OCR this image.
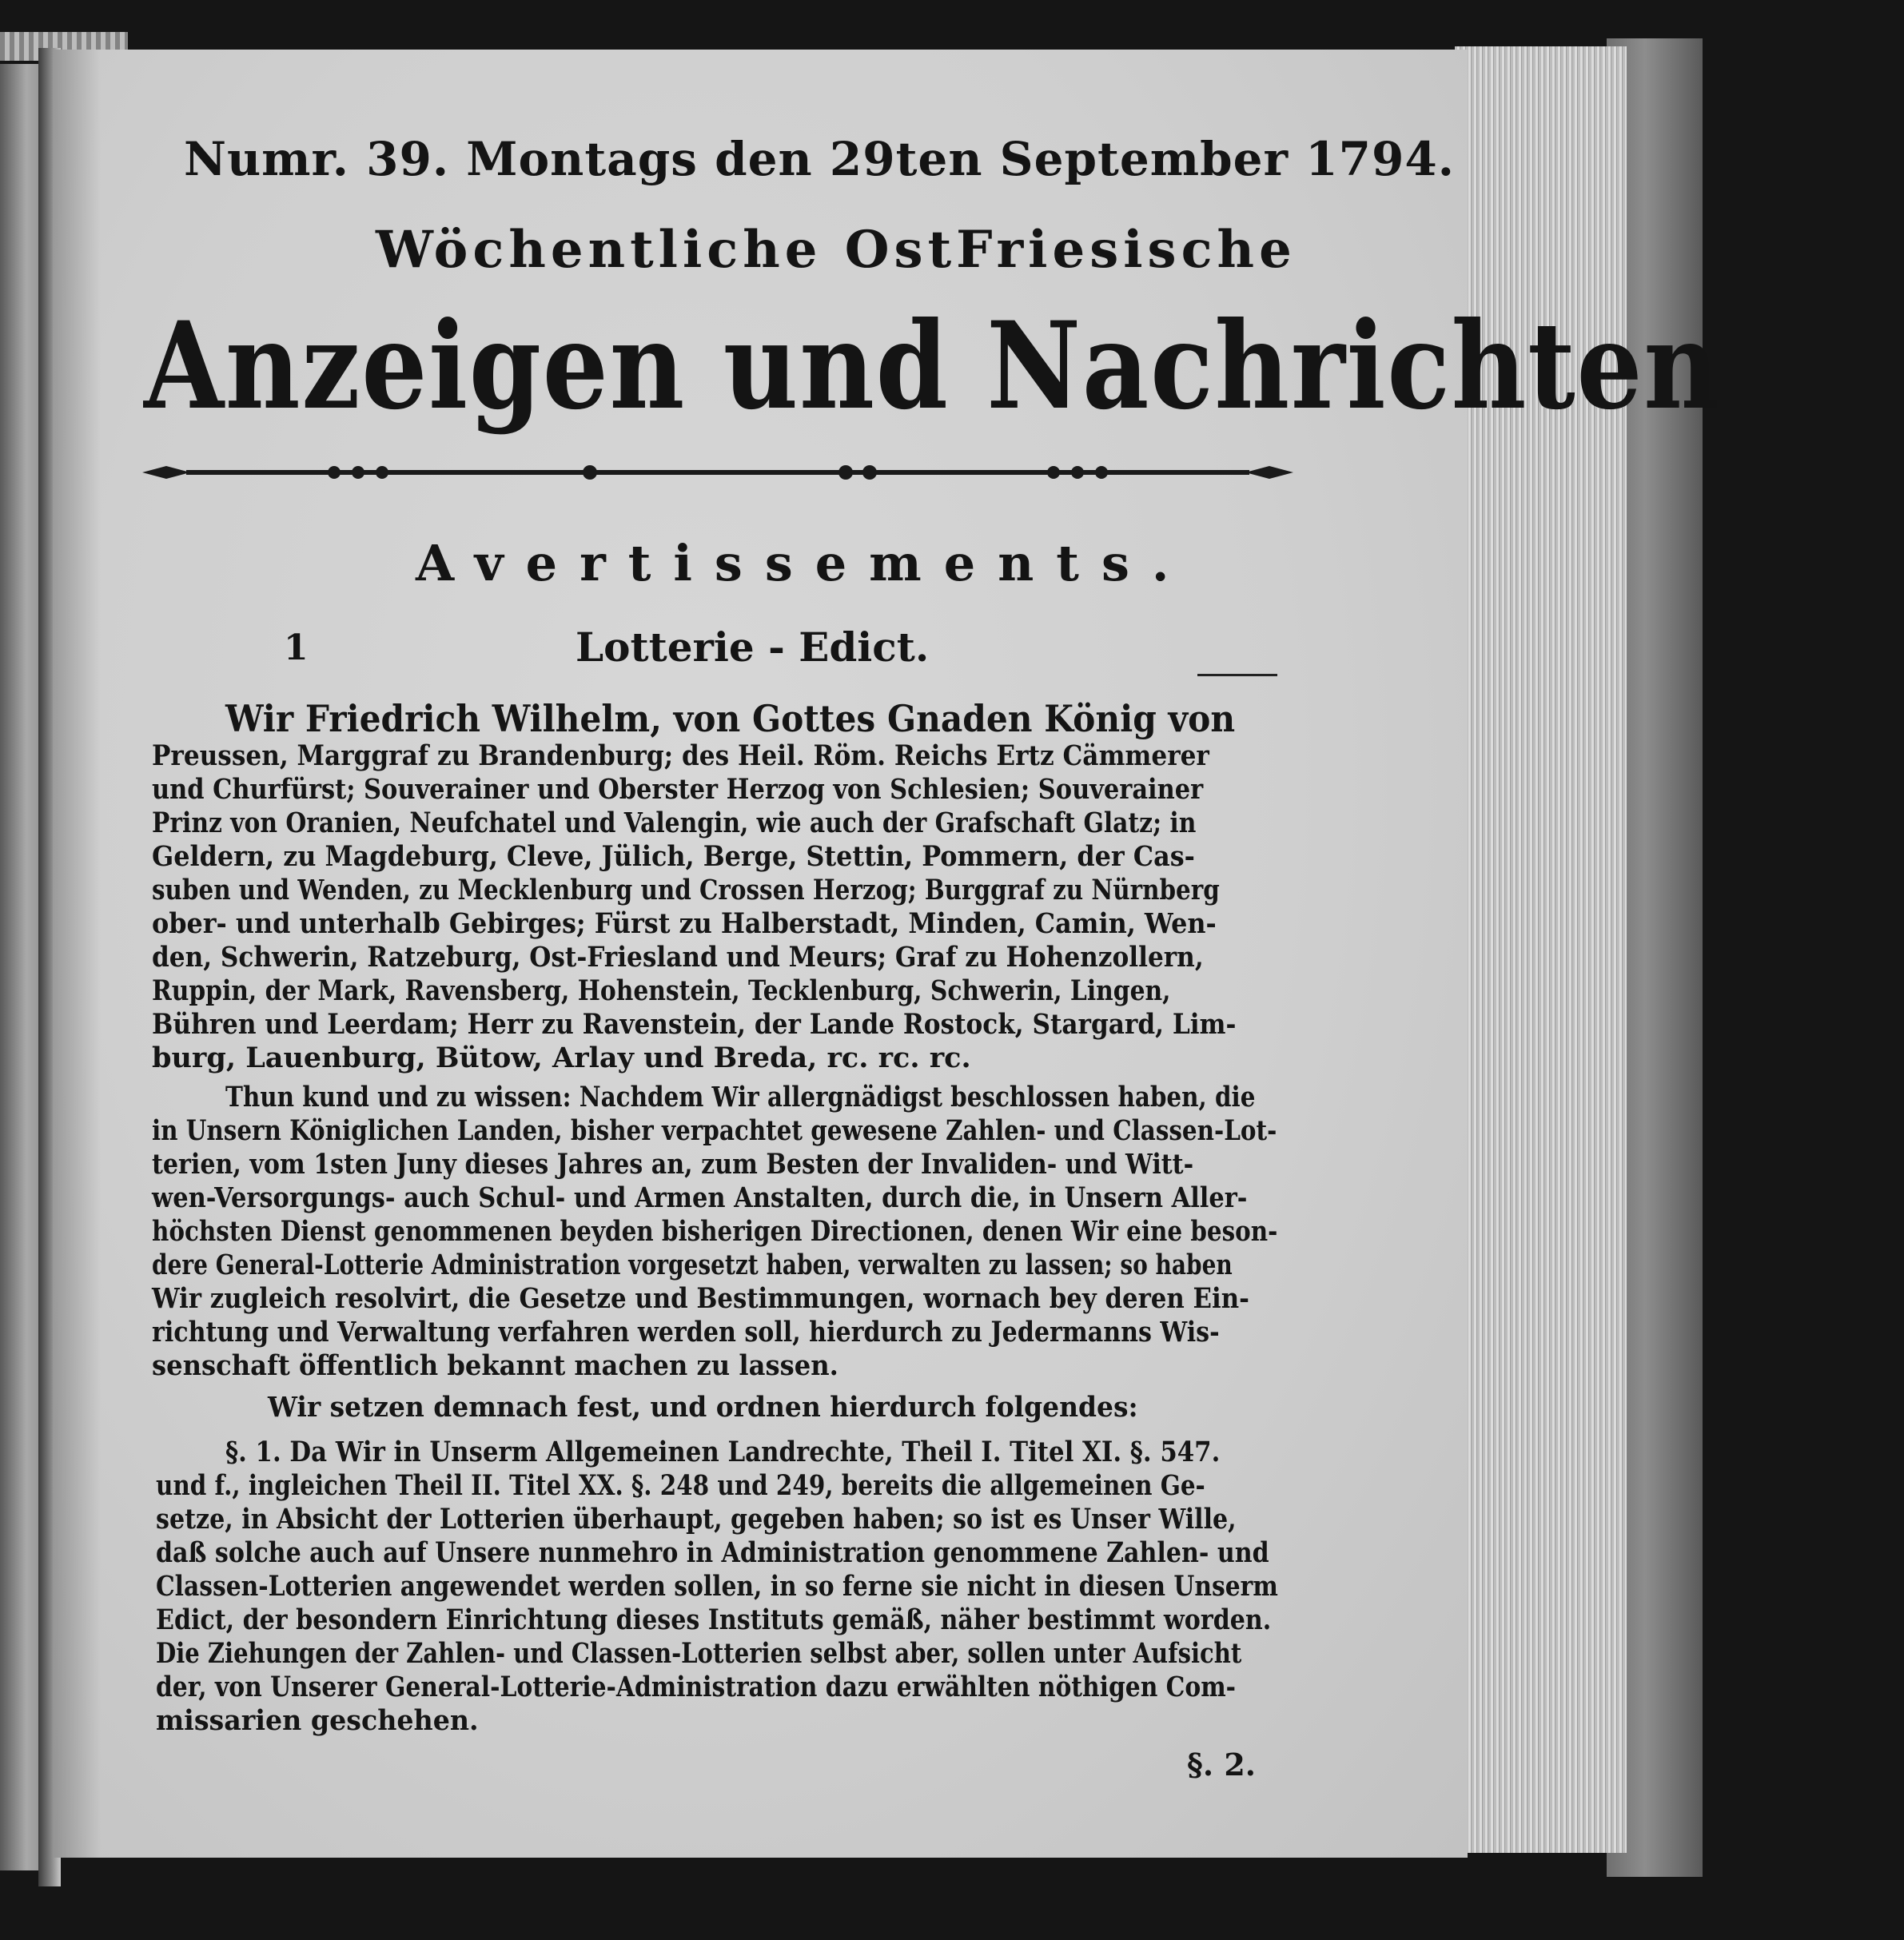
Numr. 39. Montags den 29ten September 1794.
Wöchentliche OstFriesische
Anzeigen und Nachrichten
Avertissements.
1	Lotterie - Edict.
Wir Friedrich Wilhelm, von Gottes Gnaden König von
Preussen, Marggraf zu Brandenburg; des Heil. Röm. Reichs Ertz Cämmerer
und Churfürst; Souverainer und Oberster Herzog von Schlesien; Souverainer
Prinz von Oranien, Neufchatel und Valengin, wie auch der Grafschaft Glatz; in
Geldern, zu Magdeburg, Cleve, Jülich, Berge, Stettin, Pommern, der Cas-
suben und Wenden, zu Mecklenburg und Crossen Herzog; Burggraf zu Nürnberg
ober- und unterhalb Gebirges; Fürst zu Halberstadt, Minden, Camin, Wen-
den, Schwerin, Ratzeburg, Ost-Friesland und Meurs; Graf zu Hohenzollern,
Ruppin, der Mark, Ravensberg, Hohenstein, Tecklenburg, Schwerin, Lingen,
Bühren und Leerdam; Herr zu Ravenstein, der Lande Rostock, Stargard, Lim-
burg, Lauenburg, Bütow, Arlay und Breda, rc. rc. rc.
Thun kund und zu wissen: Nachdem Wir allergnädigst beschlossen haben, die
in Unsern Königlichen Landen, bisher verpachtet gewesene Zahlen- und Classen-Lot-
terien, vom 1sten Juny dieses Jahres an, zum Besten der Invaliden- und Witt-
wen-Versorgungs- auch Schul- und Armen Anstalten, durch die, in Unsern Aller-
höchsten Dienst genommenen beyden bisherigen Directionen, denen Wir eine beson-
dere General-Lotterie Administration vorgesetzt haben, verwalten zu lassen; so haben
Wir zugleich resolvirt, die Gesetze und Bestimmungen, wornach bey deren Ein-
richtung und Verwaltung verfahren werden soll, hierdurch zu Jedermanns Wis-
senschaft öffentlich bekannt machen zu lassen.
Wir setzen demnach fest, und ordnen hierdurch folgendes:
§. 1. Da Wir in Unserm Allgemeinen Landrechte, Theil I. Titel XI. §. 547.
und f., ingleichen Theil II. Titel XX. §. 248 und 249, bereits die allgemeinen Ge-
setze, in Absicht der Lotterien überhaupt, gegeben haben; so ist es Unser Wille,
daß solche auch auf Unsere nunmehro in Administration genommene Zahlen- und
Classen-Lotterien angewendet werden sollen, in so ferne sie nicht in diesen Unserm
Edict, der besondern Einrichtung dieses Instituts gemäß, näher bestimmt worden.
Die Ziehungen der Zahlen- und Classen-Lotterien selbst aber, sollen unter Aufsicht
der, von Unserer General-Lotterie-Administration dazu erwählten nöthigen Com-
missarien geschehen.
§. 2.
